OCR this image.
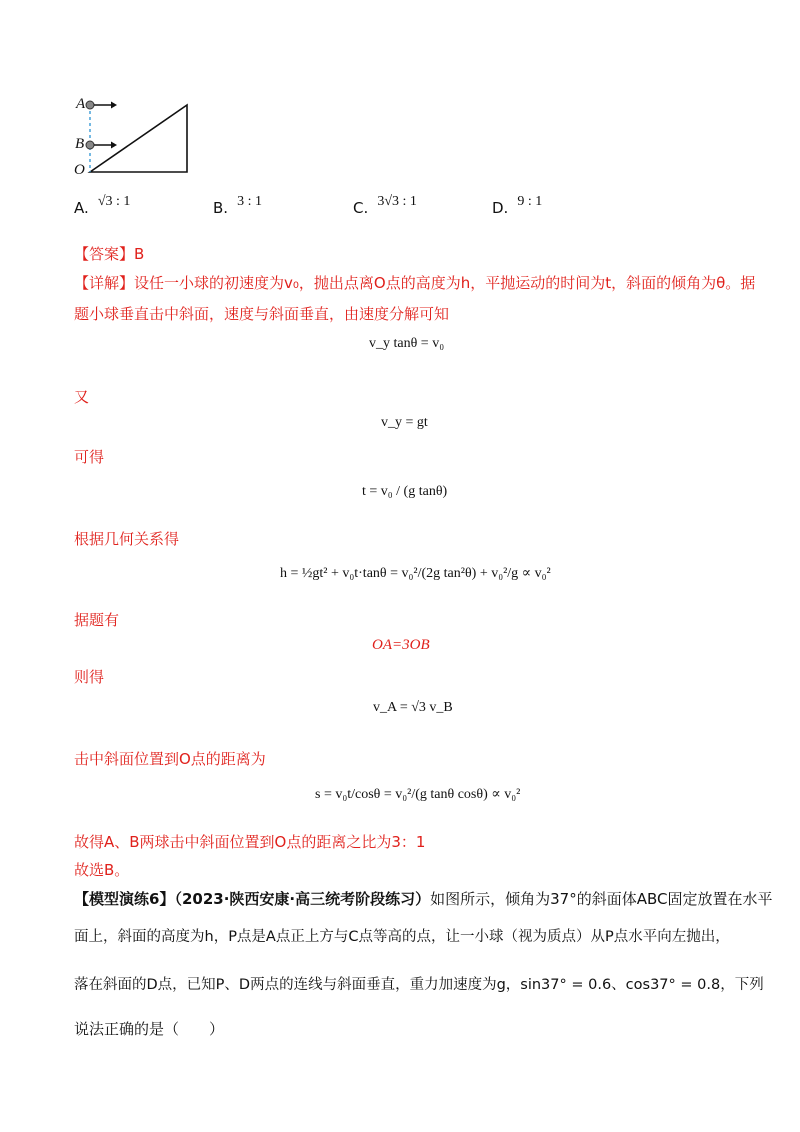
A
B
O
A. √3 : 1	B. 3 : 1	C. 3√3 : 1	D. 9 : 1
【答案】B
【详解】设任一小球的初速度为v₀，抛出点离O点的高度为h，平抛运动的时间为t，斜面的倾角为θ。据
题小球垂直击中斜面，速度与斜面垂直，由速度分解可知
v_y tanθ = v₀
又
v_y = gt
可得
t = v₀ / (g tanθ)
根据几何关系得
h = ½gt² + v₀t·tanθ = v₀²/(2g tan²θ) + v₀²/g ∝ v₀²
据题有
OA=3OB
则得
v_A = √3 v_B
击中斜面位置到O点的距离为
s = v₀t/cosθ = v₀²/(g tanθ cosθ) ∝ v₀²
故得A、B两球击中斜面位置到O点的距离之比为3：1
故选B。
【模型演练6】（2023·陕西安康·高三统考阶段练习）如图所示，倾角为37°的斜面体ABC固定放置在水平
面上，斜面的高度为h，P点是A点正上方与C点等高的点，让一小球（视为质点）从P点水平向左抛出，
落在斜面的D点，已知P、D两点的连线与斜面垂直，重力加速度为g，sin37° = 0.6、cos37° = 0.8，下列
说法正确的是（　　）
